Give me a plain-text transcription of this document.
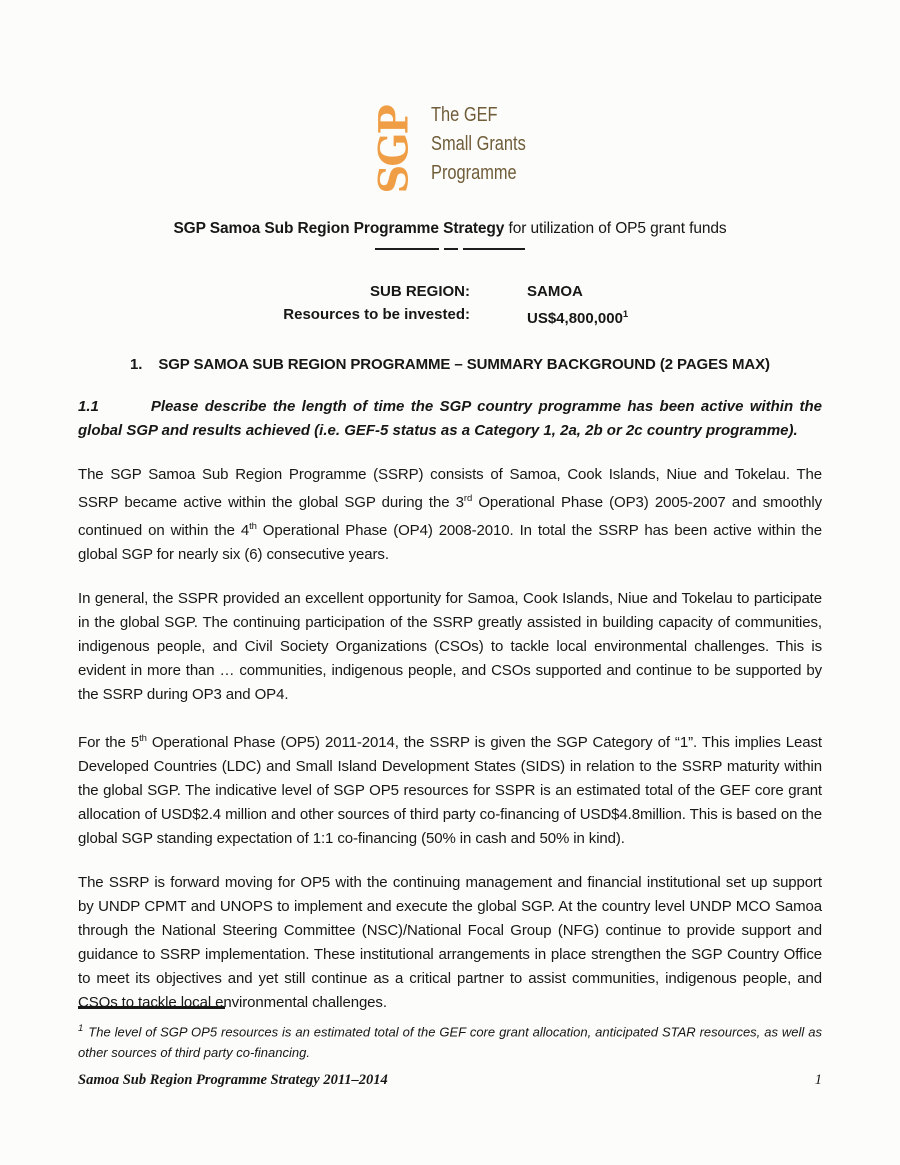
SGP The GEF
Small Grants
Programme
SGP Samoa Sub Region Programme Strategy for utilization of OP5 grant funds
SUB REGION:	SAMOA
Resources to be invested:	US$4,800,000$^1$
1. SGP SAMOA SUB REGION PROGRAMME – SUMMARY BACKGROUND (2 PAGES MAX)
1.1	Please describe the length of time the SGP country programme has been active within the global SGP and results achieved (i.e. GEF-5 status as a Category 1, 2a, 2b or 2c country programme).

The SGP Samoa Sub Region Programme (SSRP) consists of Samoa, Cook Islands, Niue and Tokelau. The SSRP became active within the global SGP during the 3rd Operational Phase (OP3) 2005-2007 and smoothly continued on within the 4th Operational Phase (OP4) 2008-2010. In total the SSRP has been active within the global SGP for nearly six (6) consecutive years.

In general, the SSPR provided an excellent opportunity for Samoa, Cook Islands, Niue and Tokelau to participate in the global SGP. The continuing participation of the SSRP greatly assisted in building capacity of communities, indigenous people, and Civil Society Organizations (CSOs) to tackle local environmental challenges. This is evident in more than … communities, indigenous people, and CSOs supported and continue to be supported by the SSRP during OP3 and OP4.

For the 5th Operational Phase (OP5) 2011-2014, the SSRP is given the SGP Category of “1”. This implies Least Developed Countries (LDC) and Small Island Development States (SIDS) in relation to the SSRP maturity within the global SGP. The indicative level of SGP OP5 resources for SSPR is an estimated total of the GEF core grant allocation of USD$2.4 million and other sources of third party co-financing of USD$4.8million. This is based on the global SGP standing expectation of 1:1 co-financing (50% in cash and 50% in kind).

The SSRP is forward moving for OP5 with the continuing management and financial institutional set up support by UNDP CPMT and UNOPS to implement and execute the global SGP. At the country level UNDP MCO Samoa through the National Steering Committee (NSC)/National Focal Group (NFG) continue to provide support and guidance to SSRP implementation. These institutional arrangements in place strengthen the SGP Country Office to meet its objectives and yet still continue as a critical partner to assist communities, indigenous people, and CSOs to tackle local environmental challenges.

$^1$ The level of SGP OP5 resources is an estimated total of the GEF core grant allocation, anticipated STAR resources, as well as other sources of third party co-financing.
Samoa Sub Region Programme Strategy 2011–2014	1
